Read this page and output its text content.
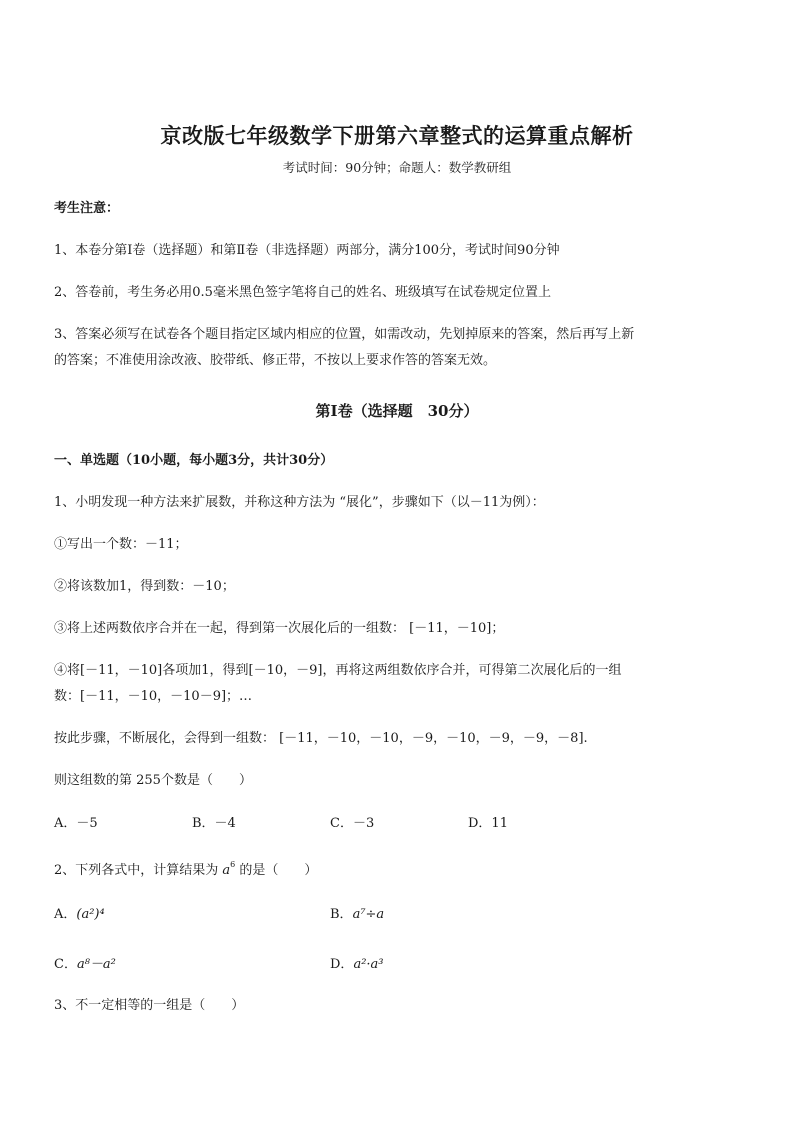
京改版七年级数学下册第六章整式的运算重点解析
考试时间：90分钟；命题人：数学教研组
考生注意：
1、本卷分第Ⅰ卷（选择题）和第Ⅱ卷（非选择题）两部分，满分100分，考试时间90分钟
2、答卷前，考生务必用0.5毫米黑色签字笔将自己的姓名、班级填写在试卷规定位置上
3、答案必须写在试卷各个题目指定区域内相应的位置，如需改动，先划掉原来的答案，然后再写上新
的答案；不准使用涂改液、胶带纸、修正带，不按以上要求作答的答案无效。
第Ⅰ卷（选择题　30分）
一、单选题（10小题，每小题3分，共计30分）
1、小明发现一种方法来扩展数，并称这种方法为 “展化”，步骤如下（以－11为例）：
①写出一个数：－11；
②将该数加1，得到数：－10；
③将上述两数依序合并在一起，得到第一次展化后的一组数： [－11，－10]；
④将[－11，－10]各项加1，得到[－10，－9]，再将这两组数依序合并，可得第二次展化后的一组
数：[－11，－10，－10－9]；…
按此步骤，不断展化，会得到一组数： [－11，－10，－10，－9，－10，－9，－9，－8].
则这组数的第 255个数是（　　）
A．－5	B．－4	C．－3	D．11
2、下列各式中，计算结果为 $a^6$ 的是（　　）
A．(a²)⁴	B．a⁷÷a
C．a⁸－a²	D．a²·a³
3、不一定相等的一组是（　　）
